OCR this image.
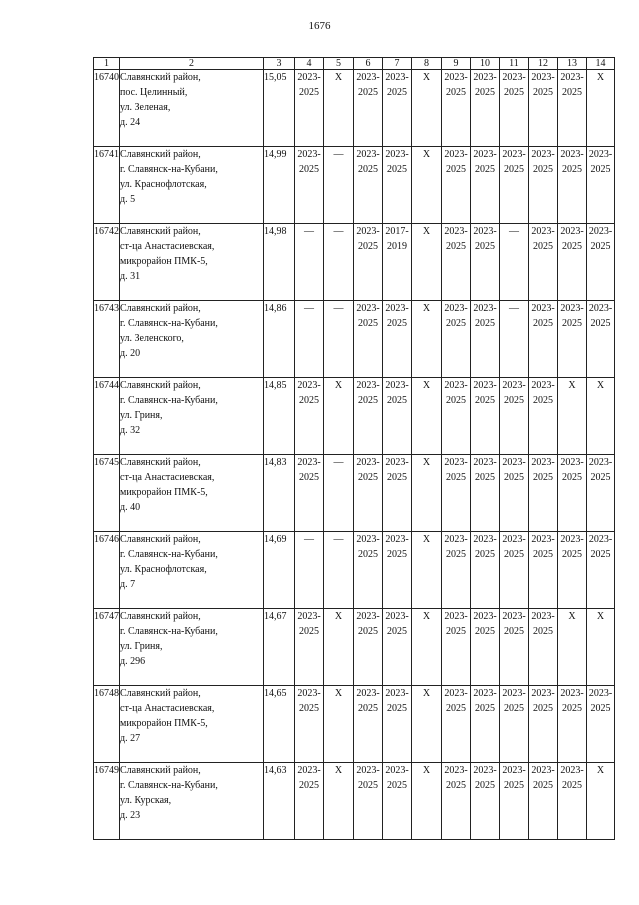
1676
1	2	3	4	5	6	7	8	9	10	11	12	13	14
16740	Славянский район,
пос. Целинный,
ул. Зеленая,
д. 24	15,05	2023-
2025	X	2023-
2025	2023-
2025	X	2023-
2025	2023-
2025	2023-
2025	2023-
2025	2023-
2025	X

16741	Славянский район,
г. Славянск-на-Кубани,
ул. Краснофлотская,
д. 5	14,99	2023-
2025	—	2023-
2025	2023-
2025	X	2023-
2025	2023-
2025	2023-
2025	2023-
2025	2023-
2025	2023-
2025

16742	Славянский район,
ст-ца Анастасиевская,
микрорайон ПМК-5,
д. 31	14,98	—	—	2023-
2025	2017-
2019	X	2023-
2025	2023-
2025	—	2023-
2025	2023-
2025	2023-
2025

16743	Славянский район,
г. Славянск-на-Кубани,
ул. Зеленского,
д. 20	14,86	—	—	2023-
2025	2023-
2025	X	2023-
2025	2023-
2025	—	2023-
2025	2023-
2025	2023-
2025

16744	Славянский район,
г. Славянск-на-Кубани,
ул. Гриня,
д. 32	14,85	2023-
2025	X	2023-
2025	2023-
2025	X	2023-
2025	2023-
2025	2023-
2025	2023-
2025	X	X

16745	Славянский район,
ст-ца Анастасиевская,
микрорайон ПМК-5,
д. 40	14,83	2023-
2025	—	2023-
2025	2023-
2025	X	2023-
2025	2023-
2025	2023-
2025	2023-
2025	2023-
2025	2023-
2025

16746	Славянский район,
г. Славянск-на-Кубани,
ул. Краснофлотская,
д. 7	14,69	—	—	2023-
2025	2023-
2025	X	2023-
2025	2023-
2025	2023-
2025	2023-
2025	2023-
2025	2023-
2025

16747	Славянский район,
г. Славянск-на-Кубани,
ул. Гриня,
д. 296	14,67	2023-
2025	X	2023-
2025	2023-
2025	X	2023-
2025	2023-
2025	2023-
2025	2023-
2025	X	X

16748	Славянский район,
ст-ца Анастасиевская,
микрорайон ПМК-5,
д. 27	14,65	2023-
2025	X	2023-
2025	2023-
2025	X	2023-
2025	2023-
2025	2023-
2025	2023-
2025	2023-
2025	2023-
2025

16749	Славянский район,
г. Славянск-на-Кубани,
ул. Курская,
д. 23	14,63	2023-
2025	X	2023-
2025	2023-
2025	X	2023-
2025	2023-
2025	2023-
2025	2023-
2025	2023-
2025	X
